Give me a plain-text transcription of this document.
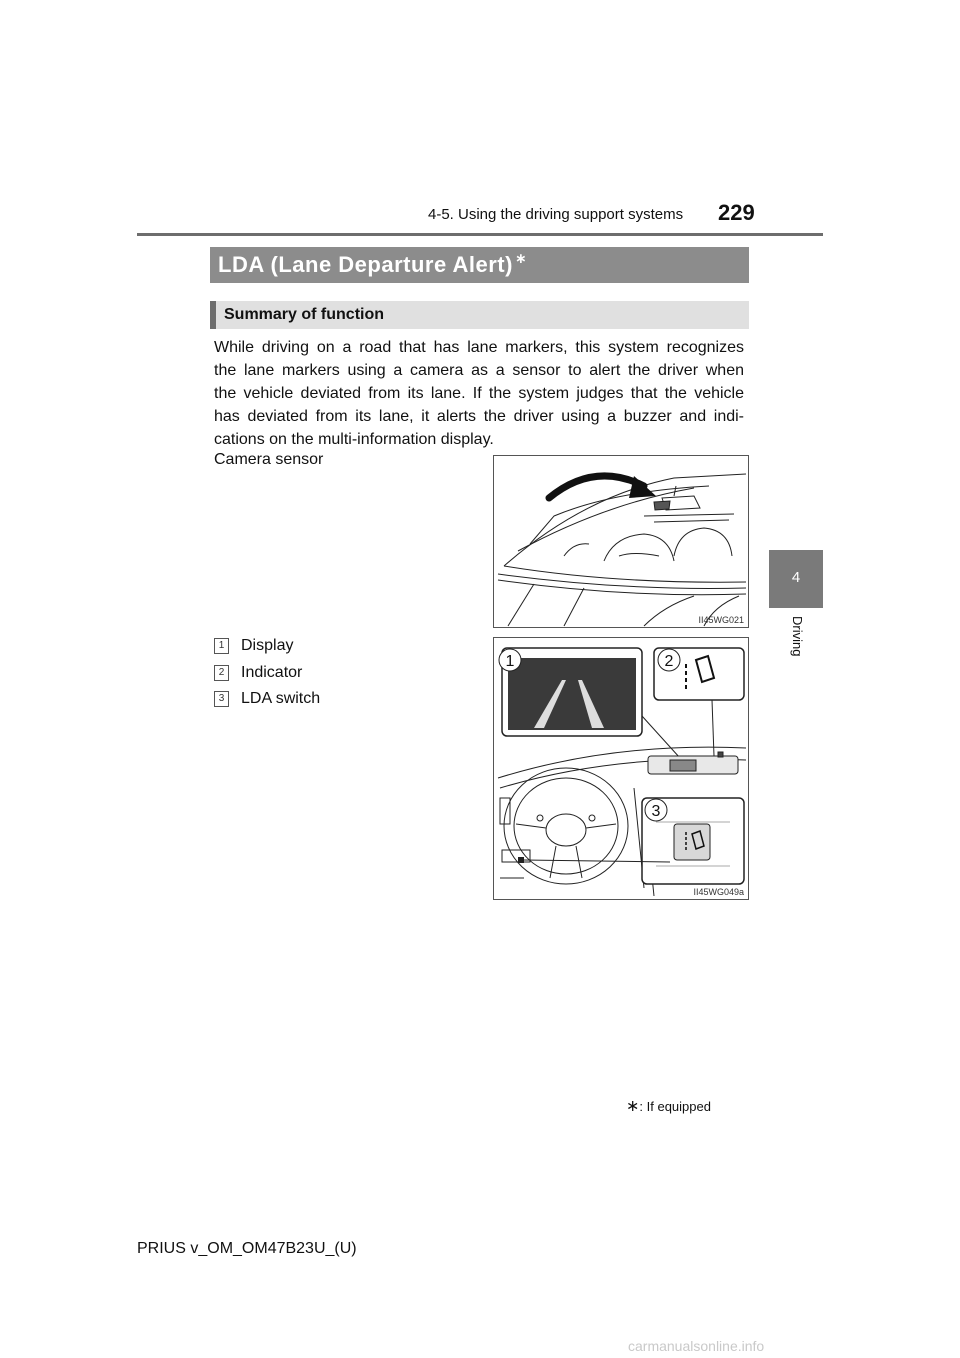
4-5. Using the driving support systems 229
4
Driving
LDA (Lane Departure Alert) ∗
Summary of function
While driving on a road that has lane markers, this system recognizes
the lane markers using a camera as a sensor to alert the driver when
the vehicle deviated from its lane. If the system judges that the vehicle
has deviated from its lane, it alerts the driver using a buzzer and indi-
cations on the multi-information display.
Camera sensor
II45WG021
1 Display
2 Indicator
3 LDA switch
1	2
3
II45WG049a
∗: If equipped
PRIUS v_OM_OM47B23U_(U)
carmanualsonline.info
